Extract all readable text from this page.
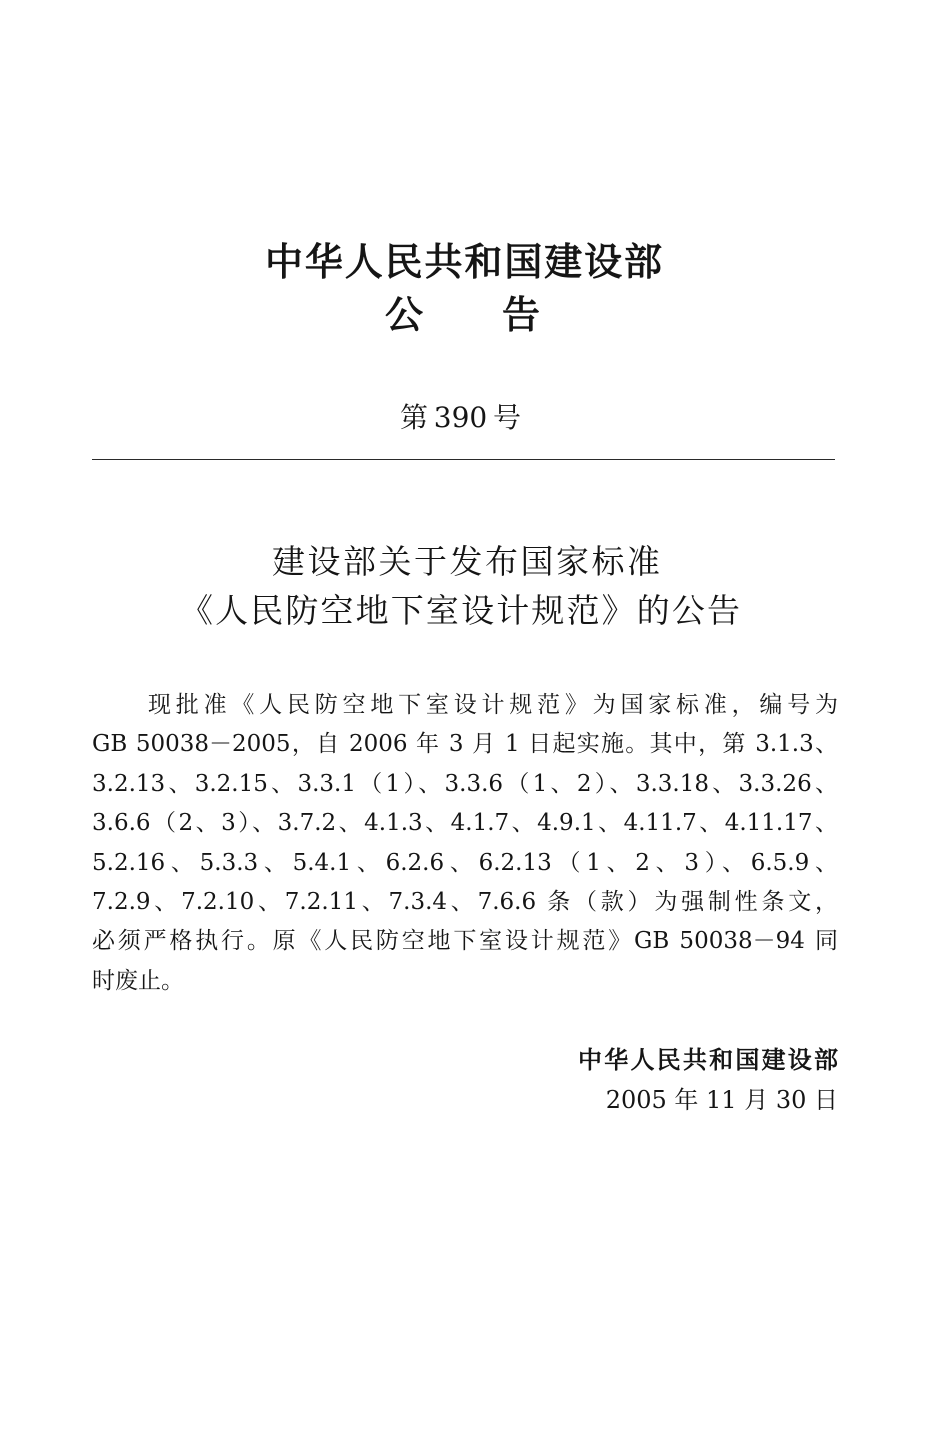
中华人民共和国建设部
公告
第390号
建设部关于发布国家标准
《人民防空地下室设计规范》的公告
现批准《人民防空地下室设计规范》为国家标准，编号为
GB 50038－2005，自 2006 年 3 月 1 日起实施。其中，第 3.1.3、
3.2.13、3.2.15、3.3.1（1）、3.3.6（1、2）、3.3.18、3.3.26、
3.6.6（2、3）、3.7.2、4.1.3、4.1.7、4.9.1、4.11.7、4.11.17、
5.2.16、5.3.3、5.4.1、6.2.6、6.2.13（1、2、3）、6.5.9、
7.2.9、7.2.10、7.2.11、7.3.4、7.6.6 条（款）为强制性条文，
必须严格执行。原《人民防空地下室设计规范》GB 50038－94 同
时废止。
中华人民共和国建设部
2005 年 11 月 30 日
